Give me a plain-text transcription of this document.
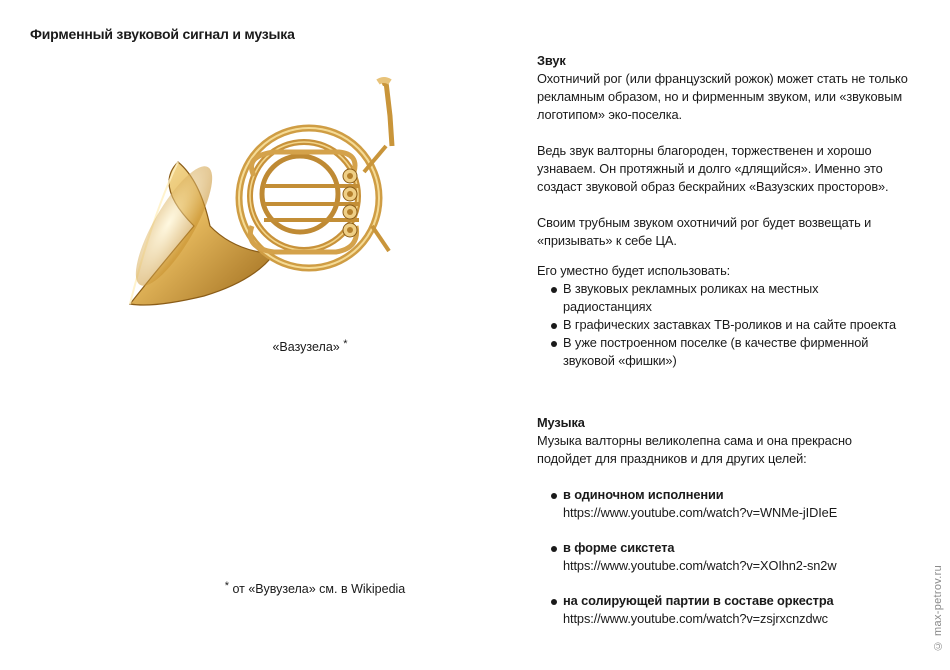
Фирменный звуковой сигнал и музыка
«Вазузела» *
* от «Вувузела» см. в Wikipedia

Звук

Охотничий рог (или французский рожок) может стать не только рекламным образом, но и фирменным звуком, или «звуковым логотипом» эко-поселка.

Ведь звук валторны благороден, торжественен и хорошо узнаваем. Он протяжный и долго «длящийся». Именно это создаст звуковой образ бескрайних «Вазузских просторов».

Своим трубным звуком охотничий рог будет возвещать и «призывать» к себе ЦА.

Его уместно будет использовать:

В звуковых рекламных роликах на местных радиостанциях
В графических заставках ТВ-роликов и на сайте проекта
В уже построенном поселке (в качестве фирменной звуковой «фишки»)

Музыка

Музыка валторны великолепна сама и она прекрасно подойдет для праздников и для других целей:

в одиночном исполнении
https://www.youtube.com/watch?v=WNMe-jIDIeE
в форме сикстета
https://www.youtube.com/watch?v=XOIhn2-sn2w
на солирующей партии в составе оркестра
https://www.youtube.com/watch?v=zsjrxcnzdwc	© max-petrov.ru
